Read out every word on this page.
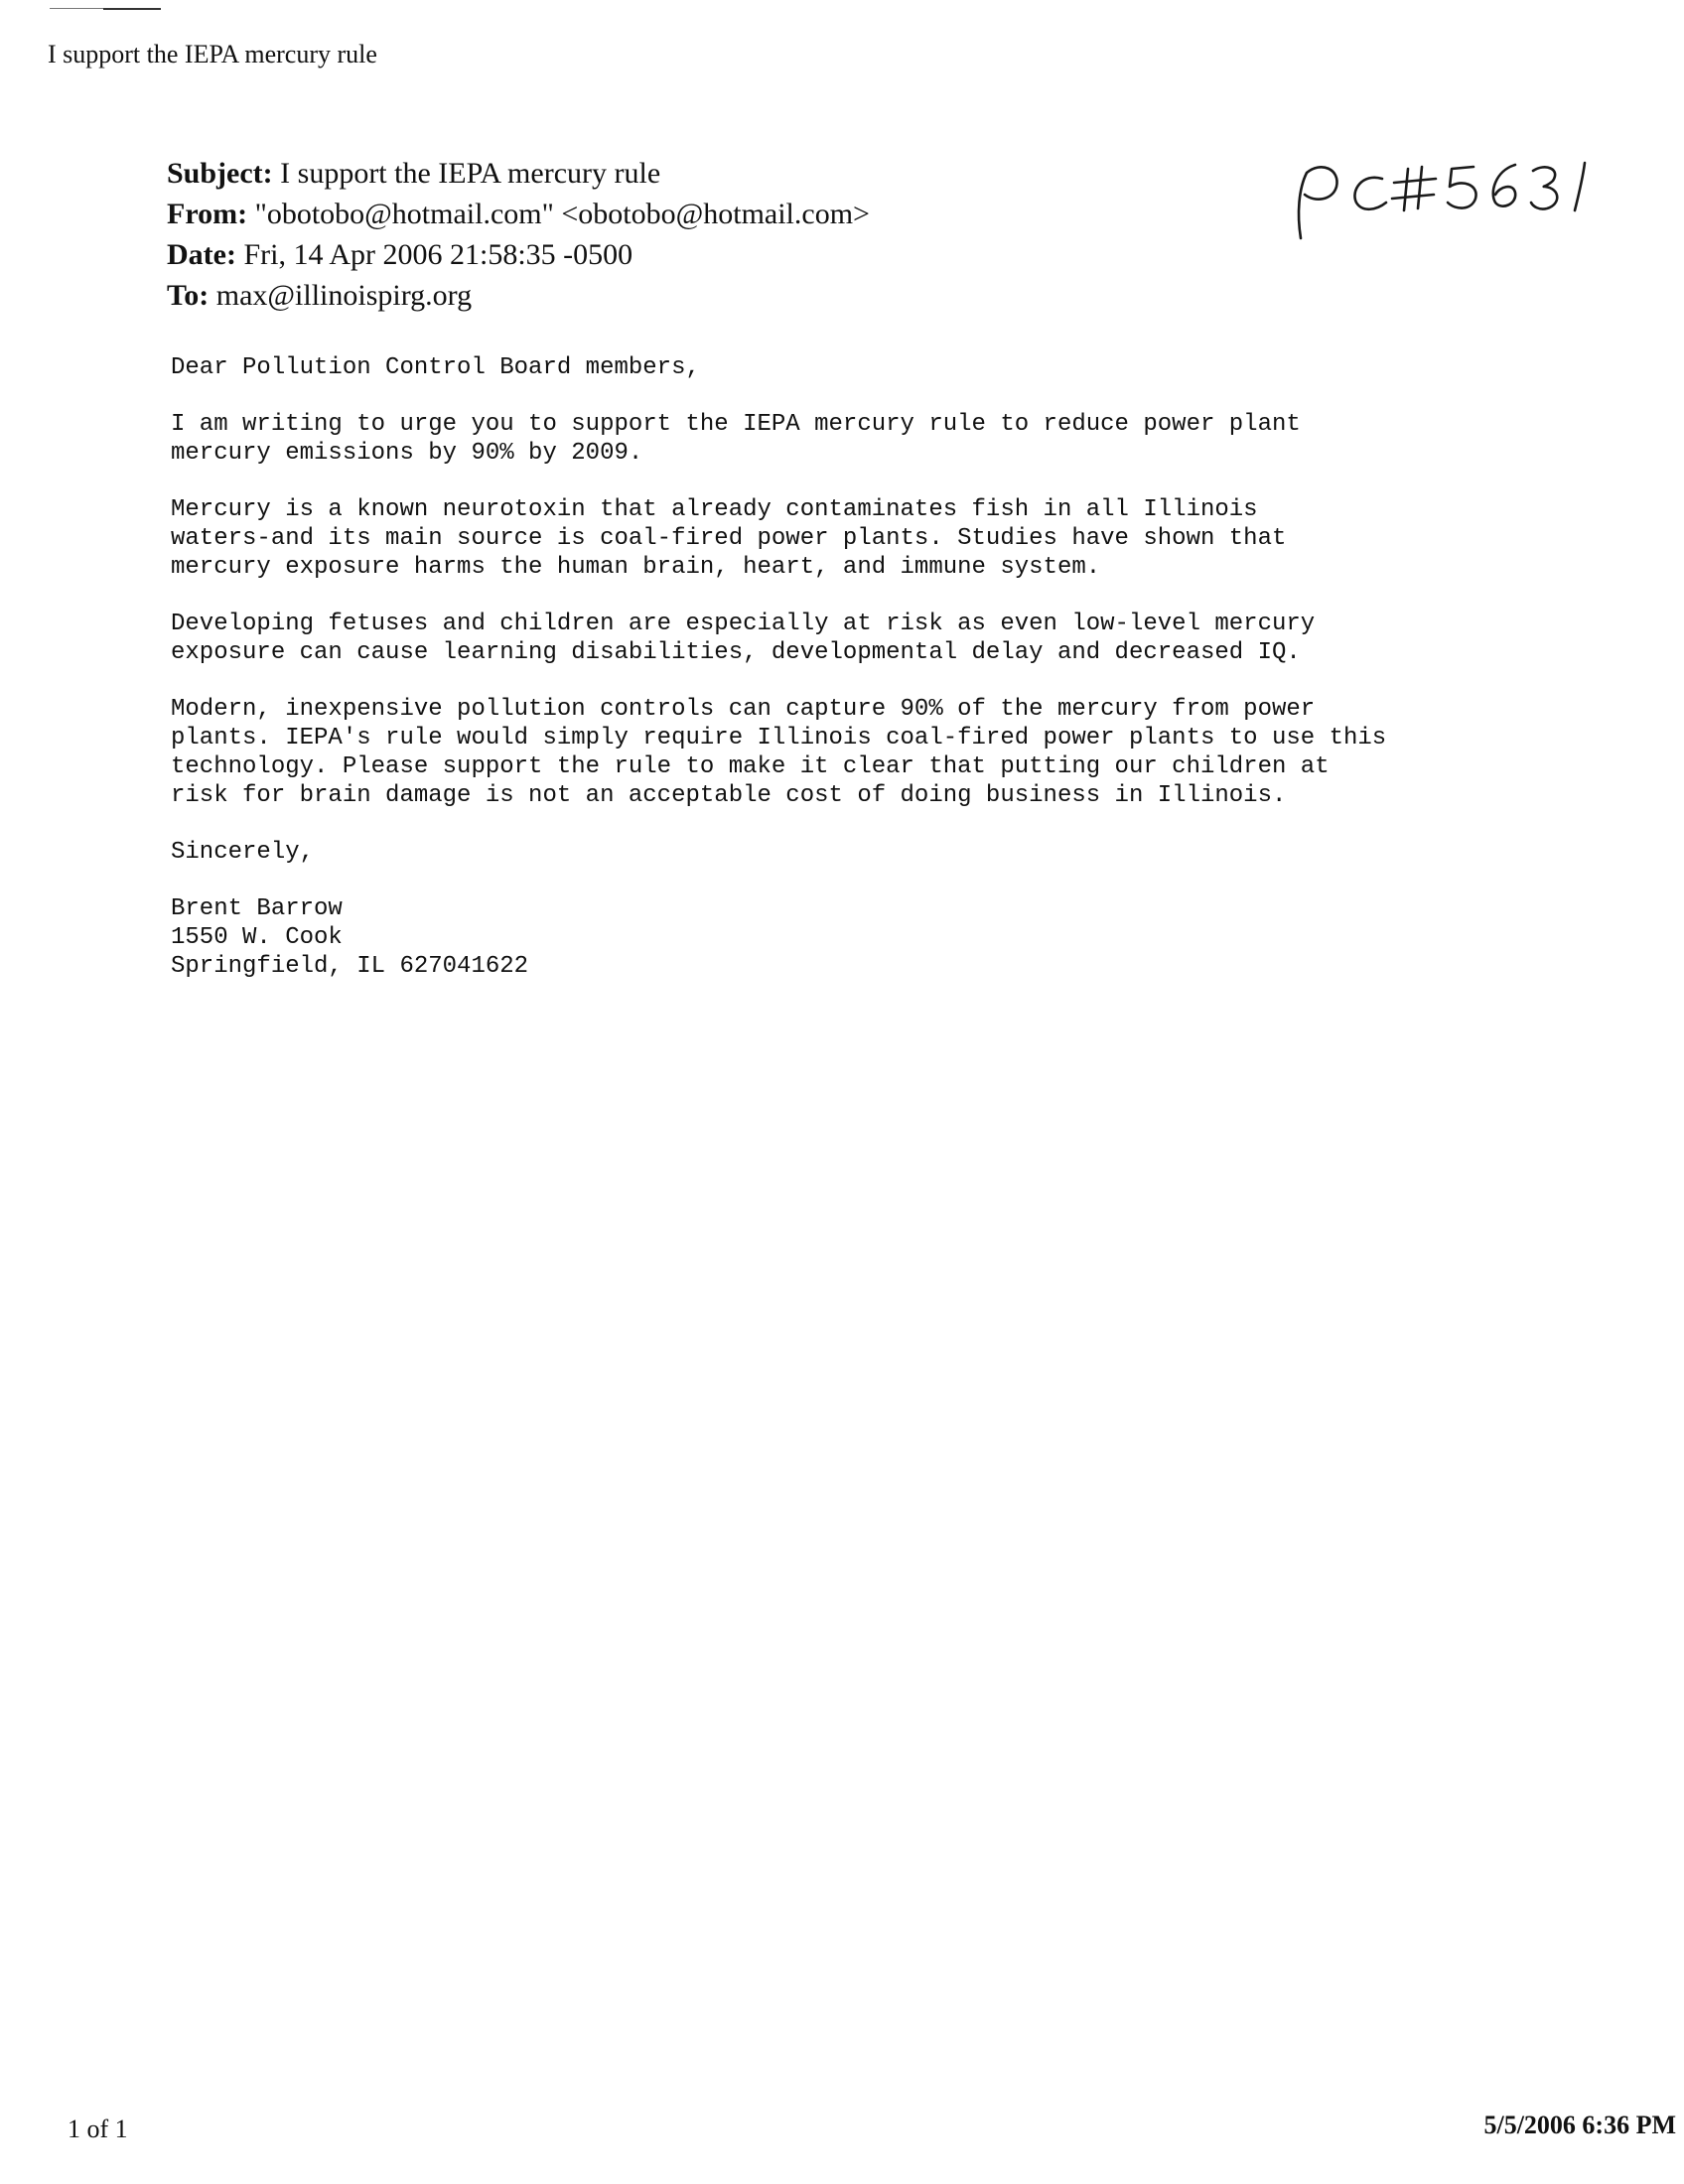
I support the IEPA mercury rule
Subject: I support the IEPA mercury rule
From: "obotobo@hotmail.com" <obotobo@hotmail.com>
Date: Fri, 14 Apr 2006 21:58:35 -0500
To: max@illinoispirg.org

Dear Pollution Control Board members,

I am writing to urge you to support the IEPA mercury rule to reduce power plant
mercury emissions by 90% by 2009.

Mercury is a known neurotoxin that already contaminates fish in all Illinois
waters-and its main source is coal-fired power plants. Studies have shown that
mercury exposure harms the human brain, heart, and immune system.

Developing fetuses and children are especially at risk as even low-level mercury
exposure can cause learning disabilities, developmental delay and decreased IQ.

Modern, inexpensive pollution controls can capture 90% of the mercury from power
plants. IEPA's rule would simply require Illinois coal-fired power plants to use this
technology. Please support the rule to make it clear that putting our children at
risk for brain damage is not an acceptable cost of doing business in Illinois.

Sincerely,

Brent Barrow
1550 W. Cook
Springfield, IL 627041622

1 of 1	5/5/2006 6:36 PM
